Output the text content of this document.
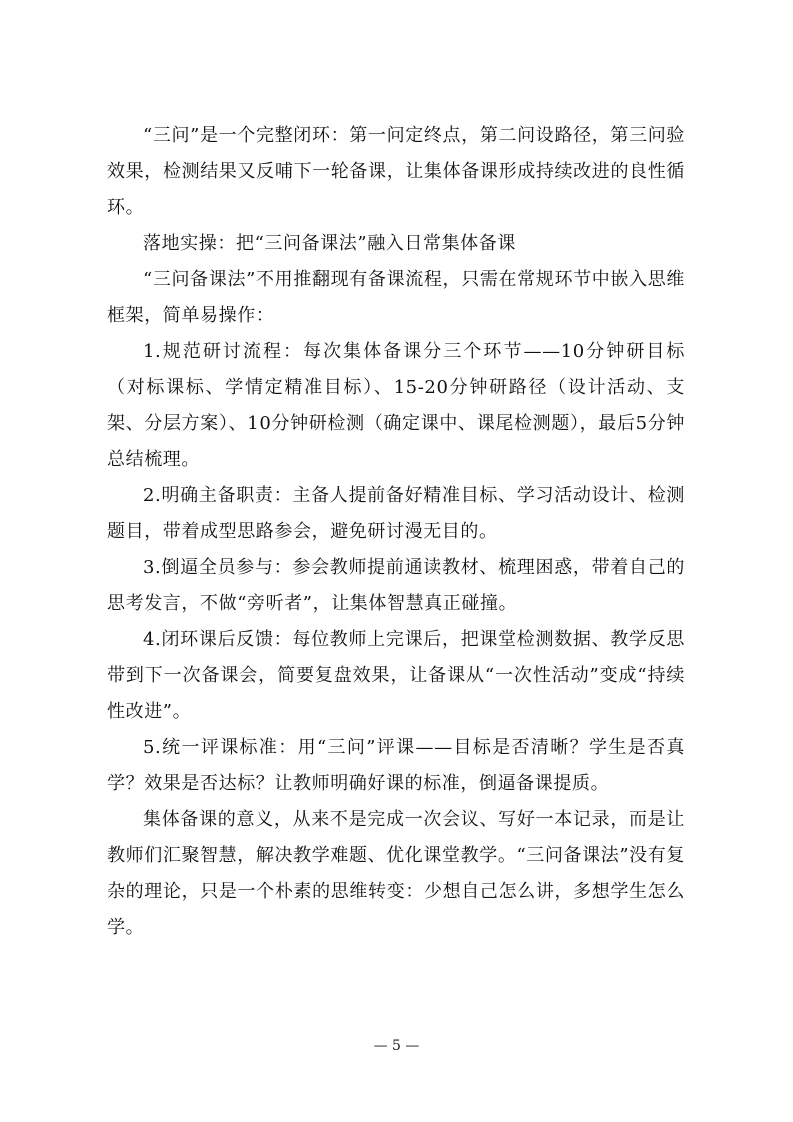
“三问”是一个完整闭环：第一问定终点，第二问设路径，第三问验效果，检测结果又反哺下一轮备课，让集体备课形成持续改进的良性循环。

落地实操：把“三问备课法”融入日常集体备课

“三问备课法”不用推翻现有备课流程，只需在常规环节中嵌入思维框架，简单易操作：

1.规范研讨流程：每次集体备课分三个环节——10分钟研目标（对标课标、学情定精准目标）、15-20分钟研路径（设计活动、支架、分层方案）、10分钟研检测（确定课中、课尾检测题），最后5分钟总结梳理。

2.明确主备职责：主备人提前备好精准目标、学习活动设计、检测题目，带着成型思路参会，避免研讨漫无目的。

3.倒逼全员参与：参会教师提前通读教材、梳理困惑，带着自己的思考发言，不做“旁听者”，让集体智慧真正碰撞。

4.闭环课后反馈：每位教师上完课后，把课堂检测数据、教学反思带到下一次备课会，简要复盘效果，让备课从“一次性活动”变成“持续性改进”。

5.统一评课标准：用“三问”评课——目标是否清晰？学生是否真学？效果是否达标？让教师明确好课的标准，倒逼备课提质。

集体备课的意义，从来不是完成一次会议、写好一本记录，而是让教师们汇聚智慧，解决教学难题、优化课堂教学。“三问备课法”没有复杂的理论，只是一个朴素的思维转变：少想自己怎么讲，多想学生怎么学。

— 5 —
